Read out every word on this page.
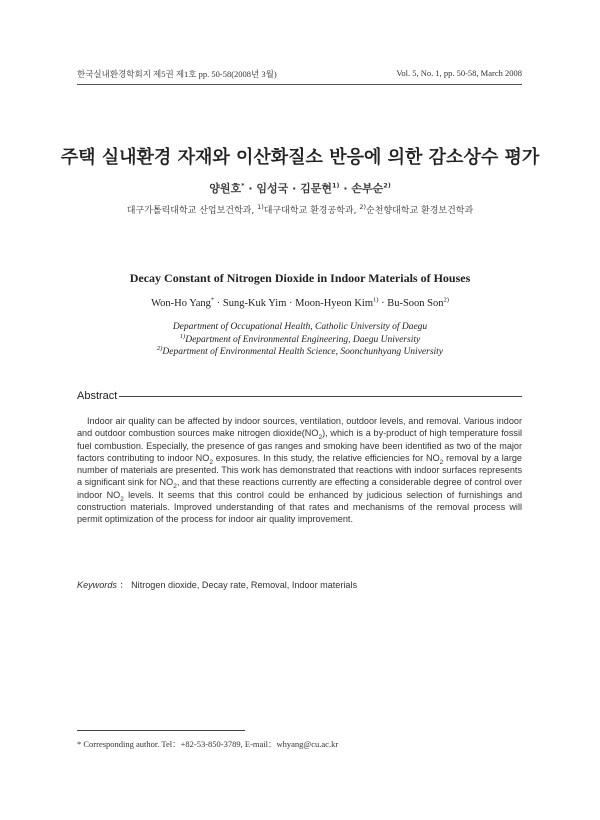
한국실내환경학회지 제5권 제1호 pp. 50-58(2008년 3월)	Vol. 5, No. 1, pp. 50-58, March 2008
주택 실내환경 자재와 이산화질소 반응에 의한 감소상수 평가
양원호* · 임성국 · 김문현$^{1)}$ · 손부순$^{2)}$
대구가톨릭대학교 산업보건학과, $^{1)}$대구대학교 환경공학과, $^{2)}$순천향대학교 환경보건학과
Decay Constant of Nitrogen Dioxide in Indoor Materials of Houses
Won-Ho Yang* · Sung-Kuk Yim · Moon-Hyeon Kim$^{1)}$ · Bu-Soon Son$^{2)}$
Department of Occupational Health, Catholic University of Daegu
$^{1)}$Department of Environmental Engineering, Daegu University
$^{2)}$Department of Environmental Health Science, Soonchunhyang University
Abstract

Indoor air quality can be affected by indoor sources, ventilation, outdoor levels, and removal. Various indoor and outdoor combustion sources make nitrogen $dioxide(NO_2)$, which is a by-product of high temperature fossil fuel combustion. Especially, the presence of gas ranges and smoking have been identified as two of the major factors contributing to indoor $NO_2$ exposures. In this study, the relative efficiencies for $NO_2$ removal by a large number of materials are presented. This work has demonstrated that reactions with indoor surfaces represents a significant sink for $NO_2$, and that these reactions currently are effecting a considerable degree of control over indoor $NO_2$ levels. It seems that this control could be enhanced by judicious selection of furnishings and construction materials. Improved understanding of that rates and mechanisms of the removal process will permit optimization of the process for indoor air quality improvement.

Keywords ： Nitrogen dioxide, Decay rate, Removal, Indoor materials
* Corresponding author. Tel：+82-53-850-3789, E-mail：whyang@cu.ac.kr
